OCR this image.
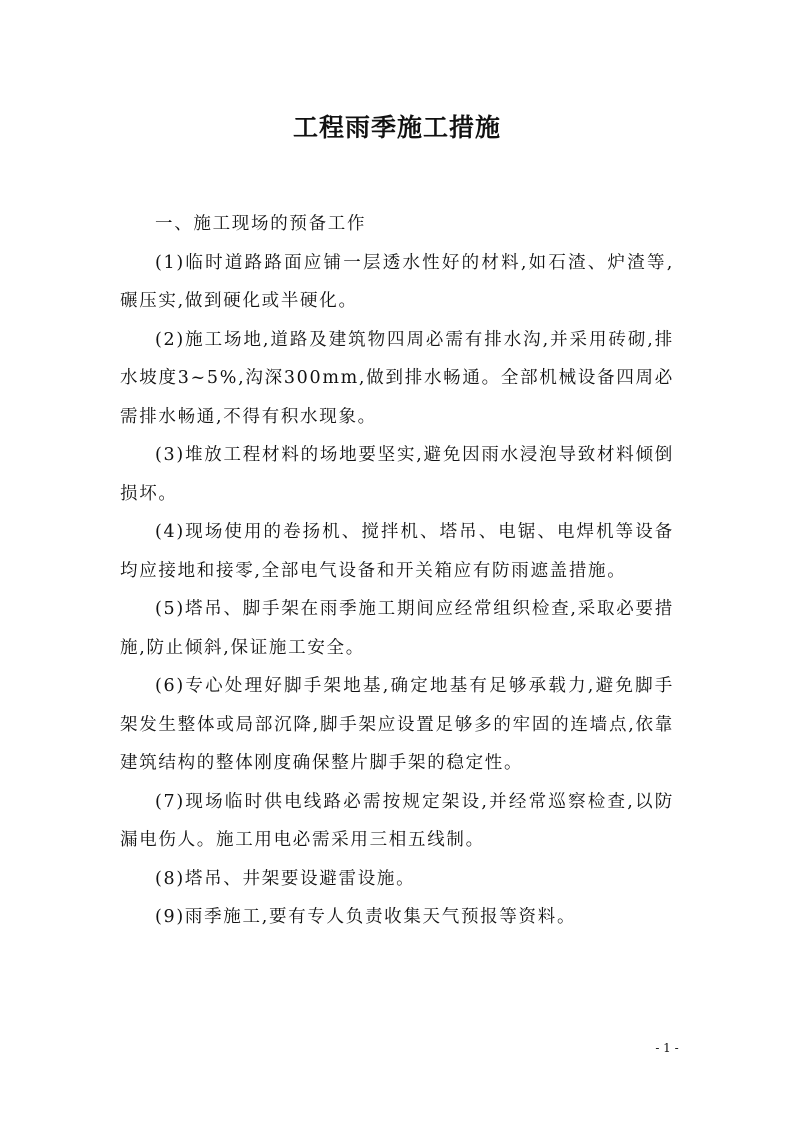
工程雨季施工措施

一、施工现场的预备工作

(1)临时道路路面应铺一层透水性好的材料,如石渣、炉渣等,碾压实,做到硬化或半硬化。

(2)施工场地,道路及建筑物四周必需有排水沟,并采用砖砌,排水坡度3~5%,沟深300mm,做到排水畅通。全部机械设备四周必需排水畅通,不得有积水现象。

(3)堆放工程材料的场地要坚实,避免因雨水浸泡导致材料倾倒损坏。

(4)现场使用的卷扬机、搅拌机、塔吊、电锯、电焊机等设备均应接地和接零,全部电气设备和开关箱应有防雨遮盖措施。

(5)塔吊、脚手架在雨季施工期间应经常组织检查,采取必要措施,防止倾斜,保证施工安全。

(6)专心处理好脚手架地基,确定地基有足够承载力,避免脚手架发生整体或局部沉降,脚手架应设置足够多的牢固的连墙点,依靠建筑结构的整体刚度确保整片脚手架的稳定性。

(7)现场临时供电线路必需按规定架设,并经常巡察检查,以防漏电伤人。施工用电必需采用三相五线制。

(8)塔吊、井架要设避雷设施。

(9)雨季施工,要有专人负责收集天气预报等资料。

- 1 -
